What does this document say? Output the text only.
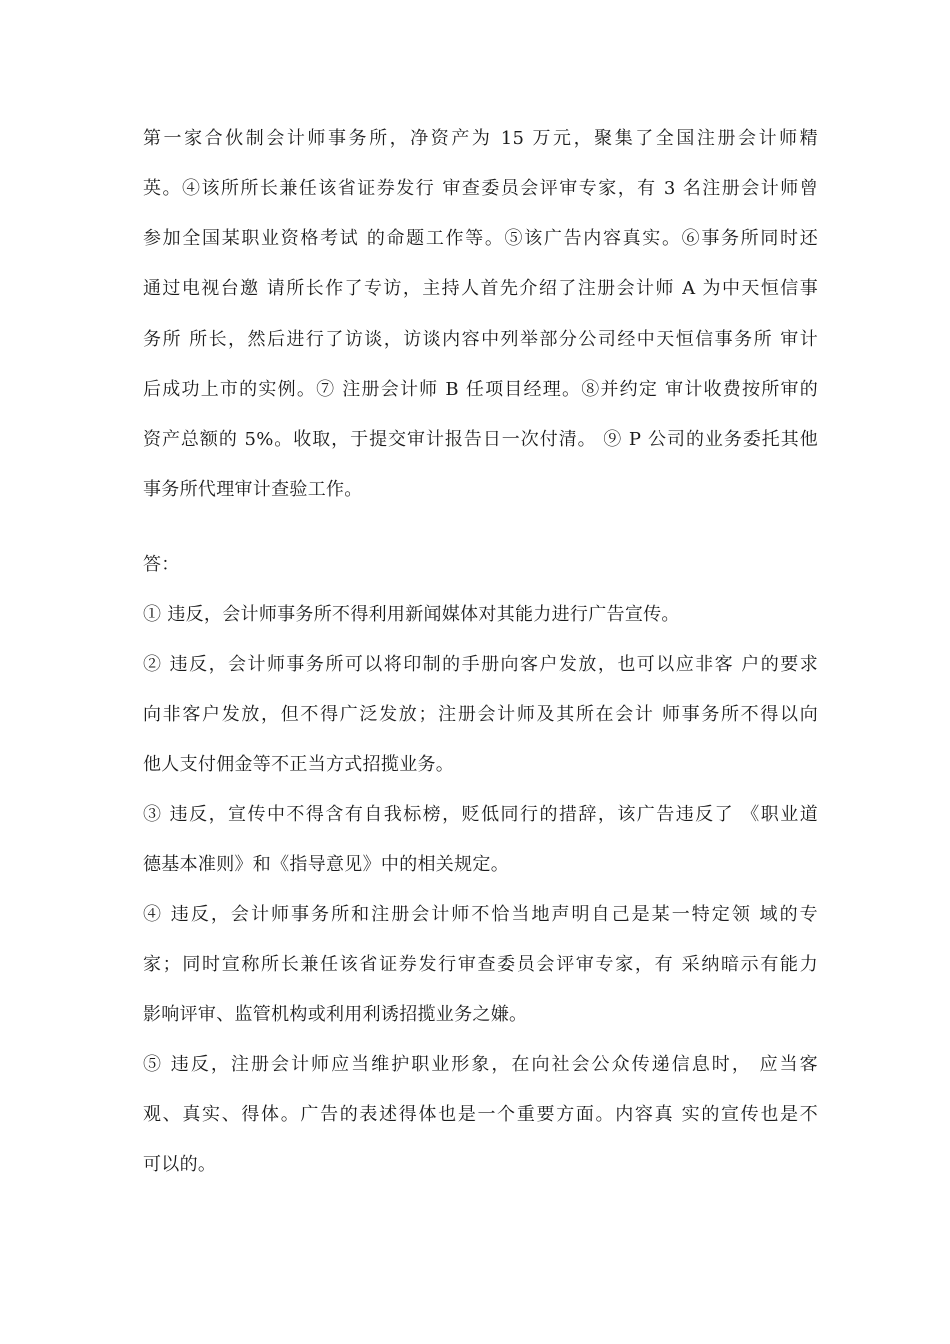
第一家合伙制会计师事务所，净资产为 15 万元，聚集了全国注册会计师精
英。④该所所长兼任该省证券发行 审查委员会评审专家，有 3 名注册会计师曾
参加全国某职业资格考试 的命题工作等。⑤该广告内容真实。⑥事务所同时还
通过电视台邀 请所长作了专访，主持人首先介绍了注册会计师 A 为中天恒信事
务所 所长，然后进行了访谈，访谈内容中列举部分公司经中天恒信事务所 审计
后成功上市的实例。⑦ 注册会计师 B 任项目经理。⑧并约定 审计收费按所审的
资产总额的 5%。收取，于提交审计报告日一次付清。 ⑨ P 公司的业务委托其他
事务所代理审计查验工作。
答：
① 违反，会计师事务所不得利用新闻媒体对其能力进行广告宣传。
② 违反，会计师事务所可以将印制的手册向客户发放，也可以应非客 户的要求
向非客户发放，但不得广泛发放；注册会计师及其所在会计 师事务所不得以向
他人支付佣金等不正当方式招揽业务。
③ 违反，宣传中不得含有自我标榜，贬低同行的措辞，该广告违反了 《职业道
德基本准则》和《指导意见》中的相关规定。
④ 违反，会计师事务所和注册会计师不恰当地声明自己是某一特定领 域的专
家；同时宣称所长兼任该省证券发行审查委员会评审专家，有 采纳暗示有能力
影响评审、监管机构或利用利诱招揽业务之嫌。
⑤ 违反，注册会计师应当维护职业形象，在向社会公众传递信息时， 应当客
观、真实、得体。广告的表述得体也是一个重要方面。内容真 实的宣传也是不
可以的。
